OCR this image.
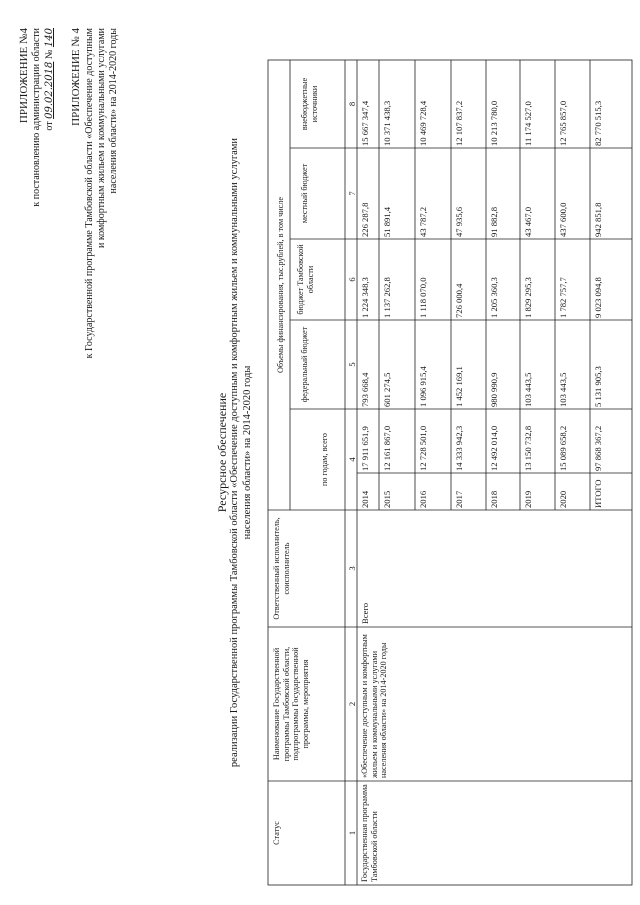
ПРИЛОЖЕНИЕ №4 к постановлению администрации области от 09.02.2018 № 140 ПРИЛОЖЕНИЕ № 4 к Государственной программе Тамбовской области «Обеспечение доступным и комфортным жильем и коммунальными услугами населения области» на 2014-2020 годы
Ресурсное обеспечение реализации Государственной программы Тамбовской области «Обеспечение доступным и комфортным жильем и коммунальными услугами населения области» на 2014-2020 годы
Статус
Наименование Государственной программы Тамбовской области, подпрограммы Государственной программы, мероприятия
Ответственный исполнитель, соисполнитель
Объемы финансирования, тыс.рублей, в том числе
по годам, всего
федеральный бюджет
бюджет Тамбовской области
местный бюджет
внебюджетные источники
1
2
3
4
5
6
7
8
Государственная программа Тамбовской области
«Обеспечение доступным и комфортным жильем и коммунальными услугами населения области» на 2014-2020 годы
Всего
2014
17 911 651,9
793 668,4
1 224 348,3
226 287,8
15 667 347,4
2015
12 161 867,0
601 274,5
1 137 262,8
51 891,4
10 371 438,3
2016
12 728 501,0
1 096 915,4
1 118 070,0
43 787,2
10 469 728,4
2017
14 333 942,3
1 452 169,1
726 000,4
47 935,6
12 107 837,2
2018
12 492 014,0
980 990,9
1 205 360,3
91 882,8
10 213 780,0
2019
13 150 732,8
103 443,5
1 829 295,3
43 467,0
11 174 527,0
2020
15 089 658,2
103 443,5
1 782 757,7
437 600,0
12 765 857,0
ИТОГО
97 868 367,2
5 131 905,3
9 023 094,8
942 851,8
82 770 515,3
